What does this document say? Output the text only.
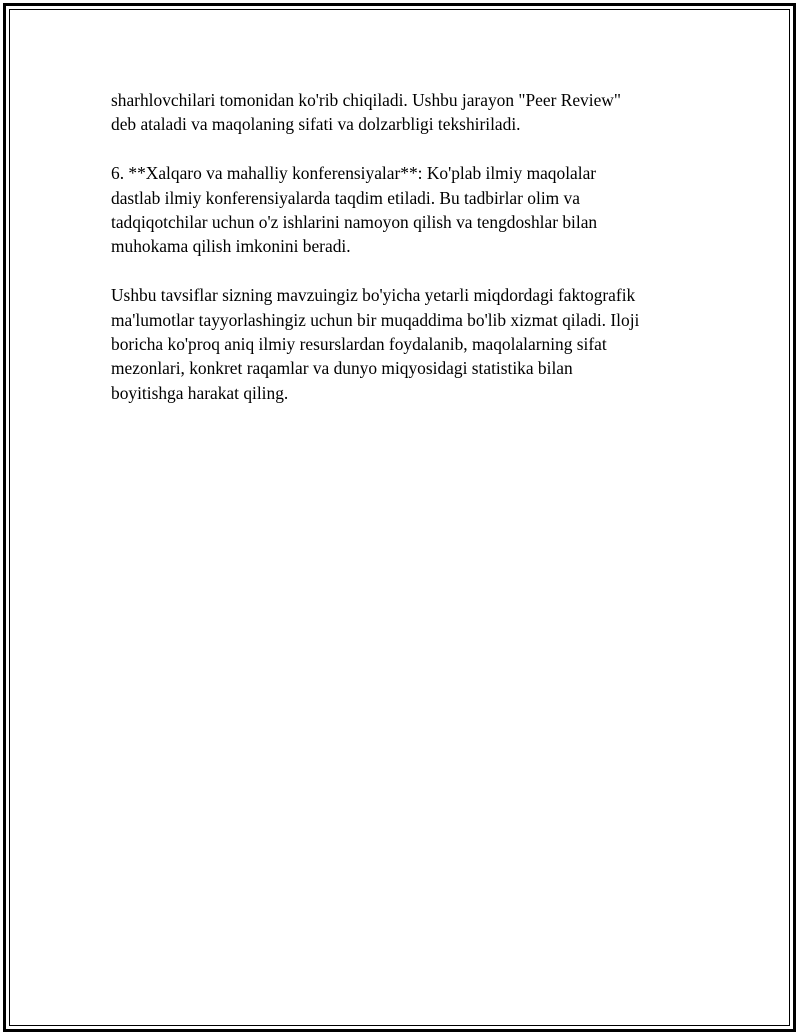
sharhlovchilari tomonidan ko'rib chiqiladi. Ushbu jarayon "Peer Review"
deb ataladi va maqolaning sifati va dolzarbligi tekshiriladi.

6. **Xalqaro va mahalliy konferensiyalar**: Ko'plab ilmiy maqolalar
dastlab ilmiy konferensiyalarda taqdim etiladi. Bu tadbirlar olim va
tadqiqotchilar uchun o'z ishlarini namoyon qilish va tengdoshlar bilan
muhokama qilish imkonini beradi.

Ushbu tavsiflar sizning mavzuingiz bo'yicha yetarli miqdordagi faktografik
ma'lumotlar tayyorlashingiz uchun bir muqaddima bo'lib xizmat qiladi. Iloji
boricha ko'proq aniq ilmiy resurslardan foydalanib, maqolalarning sifat
mezonlari, konkret raqamlar va dunyo miqyosidagi statistika bilan
boyitishga harakat qiling.
